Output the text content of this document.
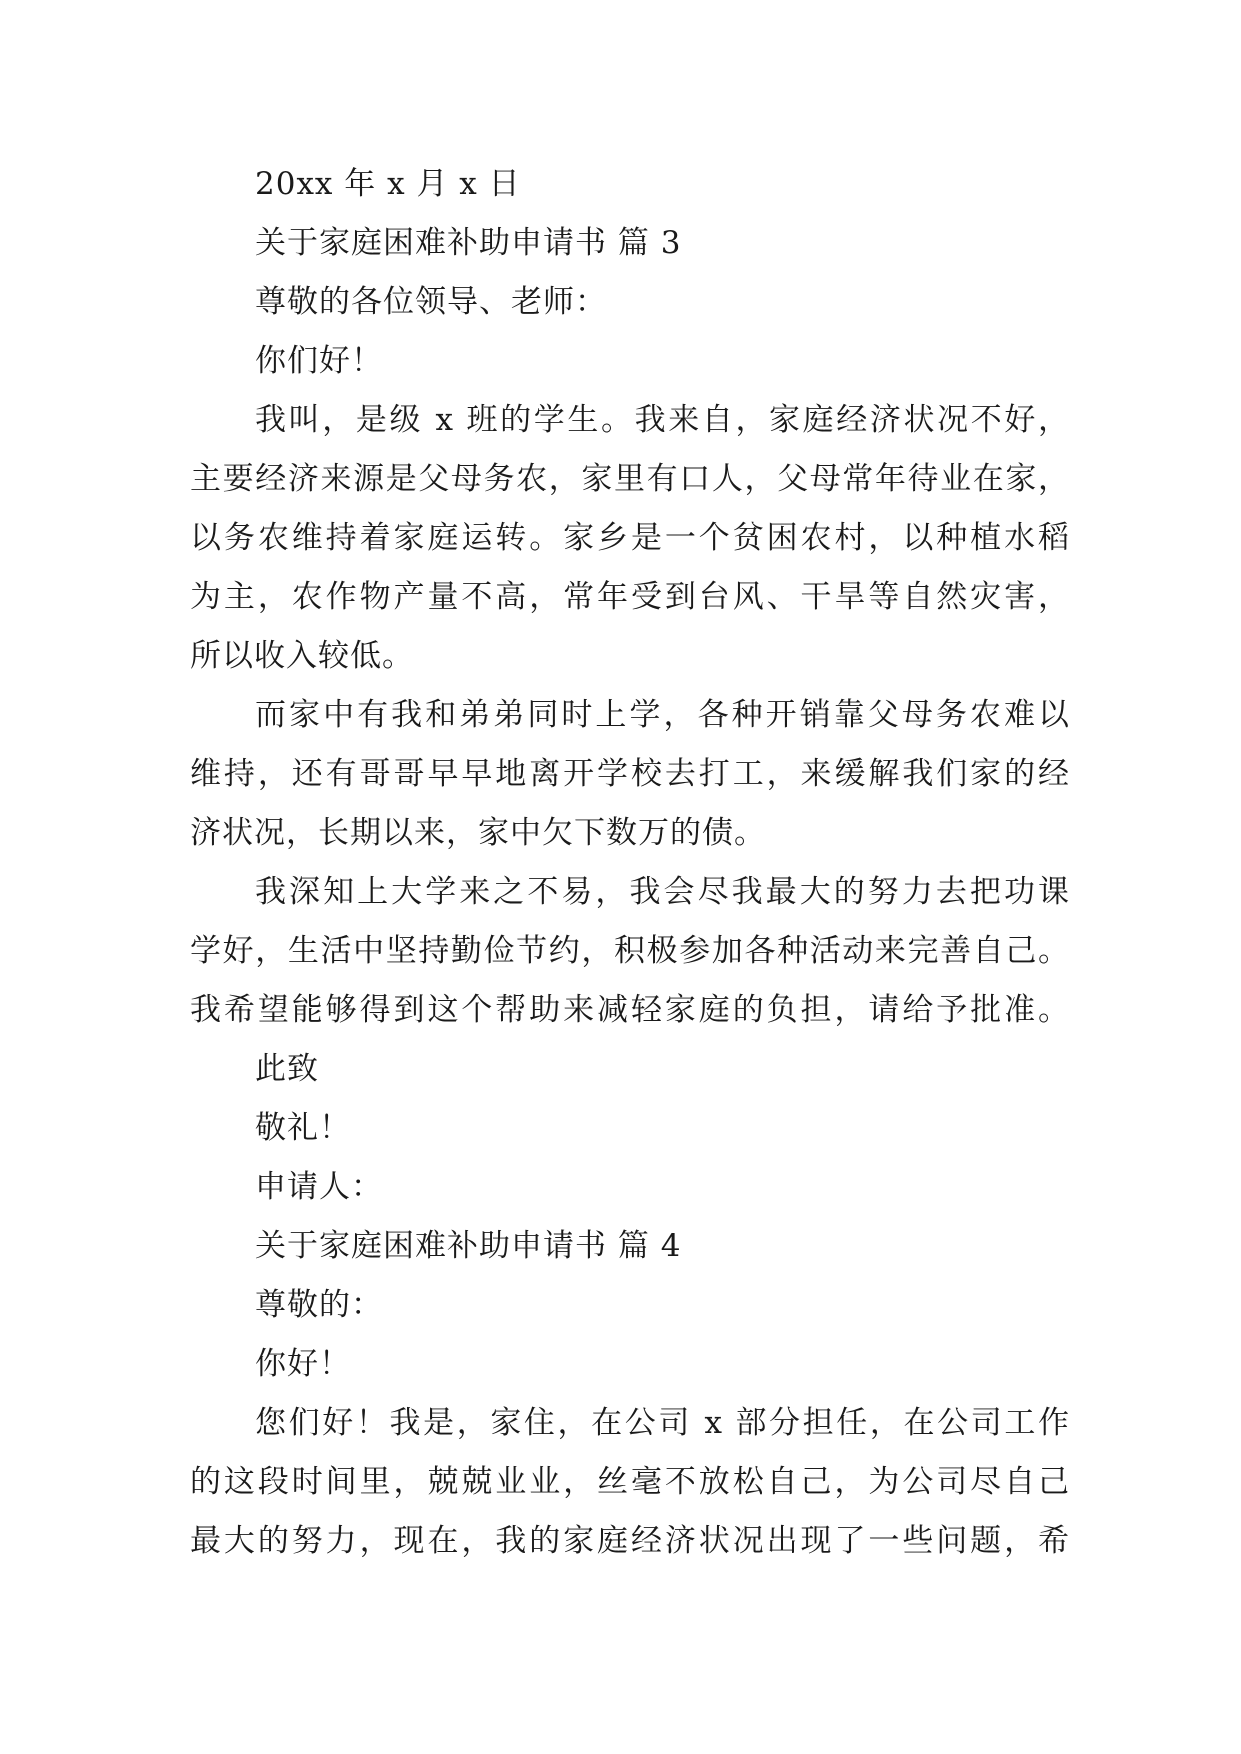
20xx 年 x 月 x 日
关于家庭困难补助申请书 篇 3
尊敬的各位领导、老师：
你们好！
我叫，是级 x 班的学生。我来自，家庭经济状况不好，
主要经济来源是父母务农，家里有口人，父母常年待业在家，
以务农维持着家庭运转。家乡是一个贫困农村，以种植水稻
为主，农作物产量不高，常年受到台风、干旱等自然灾害，
所以收入较低。
而家中有我和弟弟同时上学，各种开销靠父母务农难以
维持，还有哥哥早早地离开学校去打工，来缓解我们家的经
济状况，长期以来，家中欠下数万的债。
我深知上大学来之不易，我会尽我最大的努力去把功课
学好，生活中坚持勤俭节约，积极参加各种活动来完善自己。
我希望能够得到这个帮助来减轻家庭的负担，请给予批准。
此致
敬礼！
申请人：
关于家庭困难补助申请书 篇 4
尊敬的：
你好！
您们好！我是，家住，在公司 x 部分担任，在公司工作
的这段时间里，兢兢业业，丝毫不放松自己，为公司尽自己
最大的努力，现在，我的家庭经济状况出现了一些问题，希
